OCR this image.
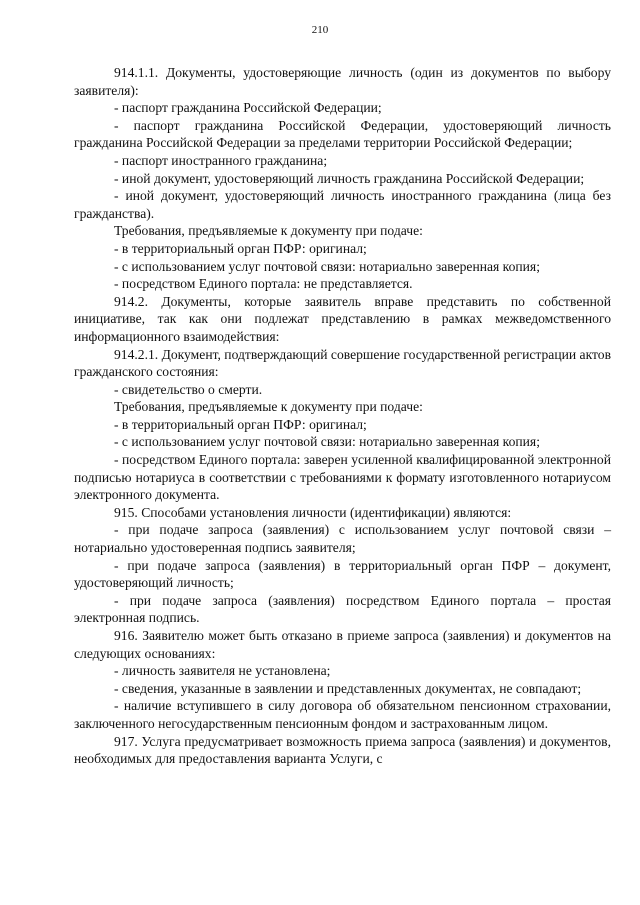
210

914.1.1. Документы, удостоверяющие личность (один из документов по выбору заявителя):

- паспорт гражданина Российской Федерации;

- паспорт гражданина Российской Федерации, удостоверяющий личность гражданина Российской Федерации за пределами территории Российской Федерации;

- паспорт иностранного гражданина;

- иной документ, удостоверяющий личность гражданина Российской Федерации;

- иной документ, удостоверяющий личность иностранного гражданина (лица без гражданства).

Требования, предъявляемые к документу при подаче:

- в территориальный орган ПФР: оригинал;

- с использованием услуг почтовой связи: нотариально заверенная копия;

- посредством Единого портала: не представляется.

914.2. Документы, которые заявитель вправе представить по собственной инициативе, так как они подлежат представлению в рамках межведомственного информационного взаимодействия:

914.2.1. Документ, подтверждающий совершение государственной регистрации актов гражданского состояния:

- свидетельство о смерти.

Требования, предъявляемые к документу при подаче:

- в территориальный орган ПФР: оригинал;

- с использованием услуг почтовой связи: нотариально заверенная копия;

- посредством Единого портала: заверен усиленной квалифицированной электронной подписью нотариуса в соответствии с требованиями к формату изготовленного нотариусом электронного документа.

915. Способами установления личности (идентификации) являются:

- при подаче запроса (заявления) с использованием услуг почтовой связи – нотариально удостоверенная подпись заявителя;

- при подаче запроса (заявления) в территориальный орган ПФР – документ, удостоверяющий личность;

- при подаче запроса (заявления) посредством Единого портала – простая электронная подпись.

916. Заявителю может быть отказано в приеме запроса (заявления) и документов на следующих основаниях:

- личность заявителя не установлена;

- сведения, указанные в заявлении и представленных документах, не совпадают;

- наличие вступившего в силу договора об обязательном пенсионном страховании, заключенного негосударственным пенсионным фондом и застрахованным лицом.

917. Услуга предусматривает возможность приема запроса (заявления) и документов, необходимых для предоставления варианта Услуги, с
